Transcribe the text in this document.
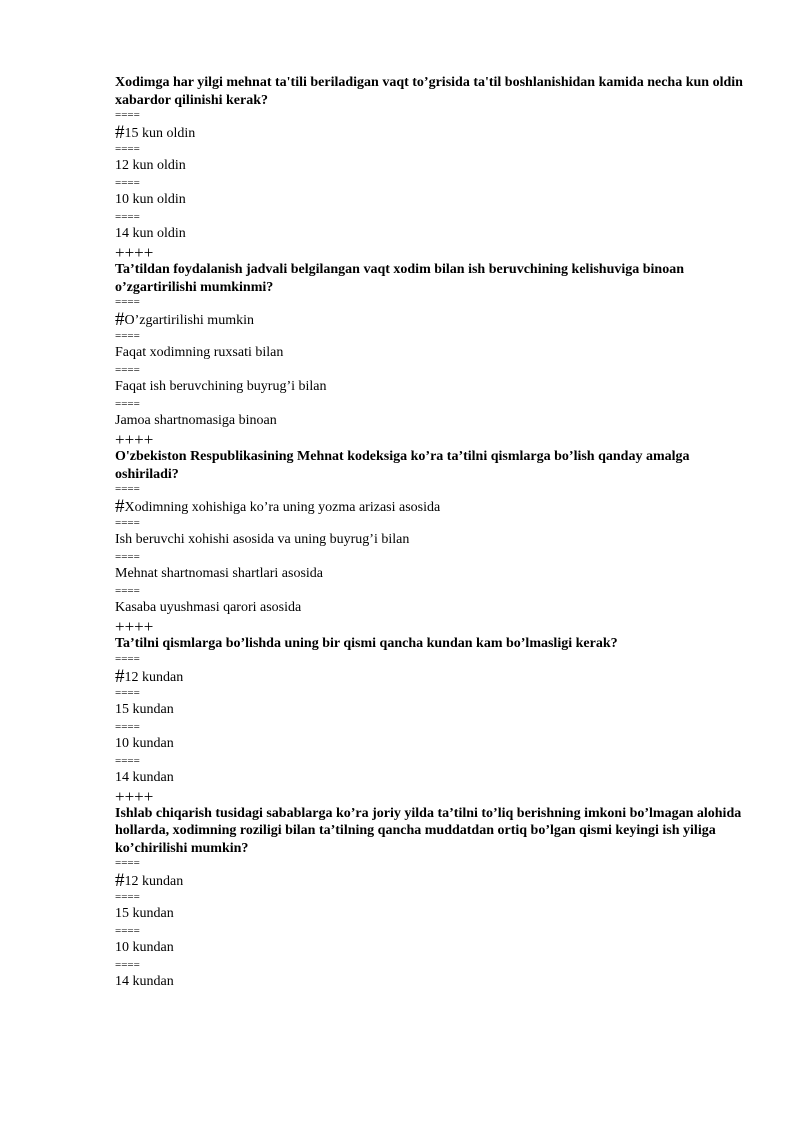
Xodimga har yilgi mehnat ta'tili beriladigan vaqt to’grisida ta'til boshlanishidan kamida necha kun oldin xabardor qilinishi kerak?

====

#15 kun oldin

====

12 kun oldin

====

10 kun oldin

====

14 kun oldin

++++

Ta’tildan foydalanish jadvali belgilangan vaqt xodim bilan ish beruvchining kelishuviga binoan o’zgartirilishi mumkinmi?

====

#O’zgartirilishi mumkin

====

Faqat xodimning ruxsati bilan

====

Faqat ish beruvchining buyrug’i bilan

====

Jamoa shartnomasiga binoan

++++

O'zbekiston Respublikasining Mehnat kodeksiga ko’ra ta’tilni qismlarga bo’lish qanday amalga oshiriladi?

====

#Xodimning xohishiga ko’ra uning yozma arizasi asosida

====

Ish beruvchi xohishi asosida va uning buyrug’i bilan

====

Mehnat shartnomasi shartlari asosida

====

Kasaba uyushmasi qarori asosida

++++

Ta’tilni qismlarga bo’lishda uning bir qismi qancha kundan kam bo’lmasligi kerak?

====

#12 kundan

====

15 kundan

====

10 kundan

====

14 kundan

++++

Ishlab chiqarish tusidagi sabablarga ko’ra joriy yilda ta’tilni to’liq berishning imkoni bo’lmagan alohida hollarda, xodimning roziligi bilan ta’tilning qancha muddatdan ortiq bo’lgan qismi keyingi ish yiliga ko’chirilishi mumkin?

====

#12 kundan

====

15 kundan

====

10 kundan

====

14 kundan
